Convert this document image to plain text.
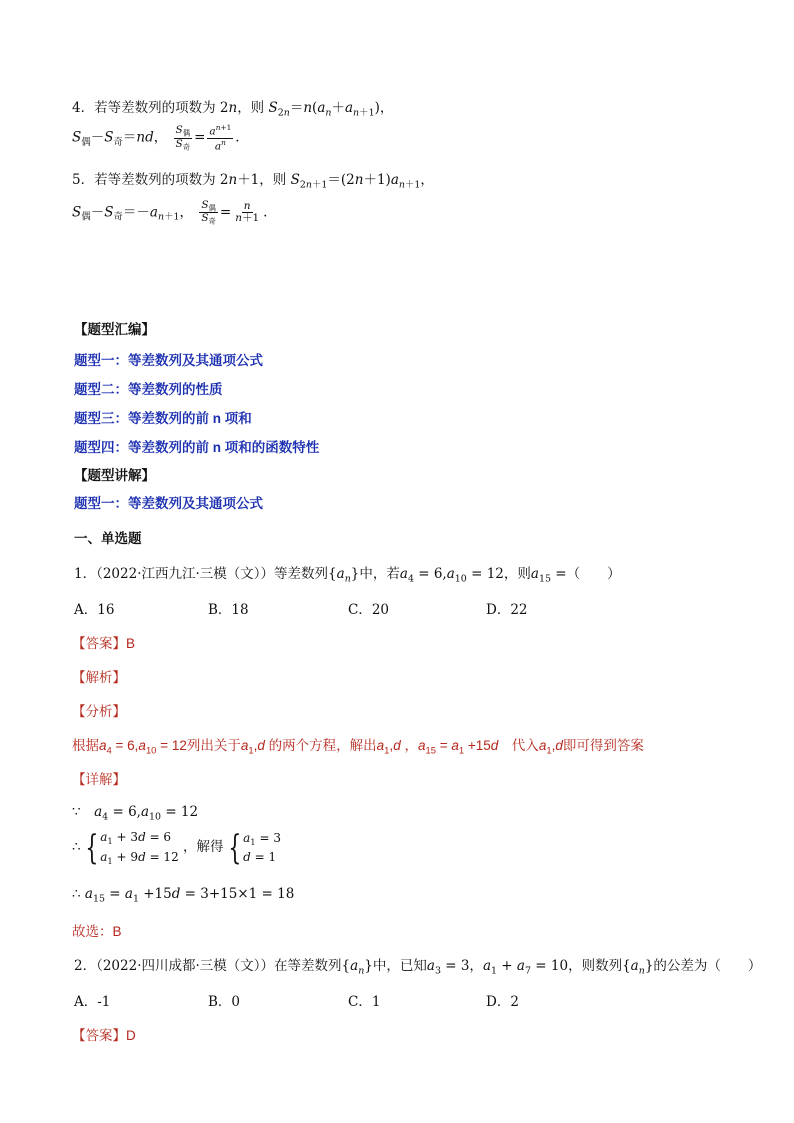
4．若等差数列的项数为 2n，则 $S_{2n}=n(a_n+a_{n+1})$，
$S_偶-S_奇=nd$， $\frac{S_偶}{S_奇} = \frac{a^{n+1}}{a^n}$ .
5．若等差数列的项数为 2n＋1，则 $S_{2n+1}=(2n+1)a_{n+1}$，
$S_偶-S_奇=-a_{n+1}$， $\frac{S_偶}{S_奇} = \frac{n}{n+1}$ .
【题型汇编】
题型一：等差数列及其通项公式
题型二：等差数列的性质
题型三：等差数列的前 n 项和
题型四：等差数列的前 n 项和的函数特性
【题型讲解】
题型一：等差数列及其通项公式
一、单选题
1．（2022·江西九江·三模（文））等差数列$\{a_n\}$中，若$a_4 = 6,a_{10} = 12$，则$a_{15}$ =（　　）
A．16	B．18	C．20	D．22
【答案】B
【解析】
【分析】
根据$a_4 = 6,a_{10} = 12$列出关于$a_1,d$ 的两个方程，解出$a_1,d$ ，$a_{15} = a_1 +15d$　代入$a_1,d$即可得到答案
【详解】
∵　$a_4 = 6,a_{10} = 12$
∴ { $a_1 + 3d = 6$
$a_1 + 9d = 12$
，解得 { $a_1 = 3$
d = 1
∴ $a_{15} = a_1 +15d = 3+15\times 1 = 18$
故选：B
2．（2022·四川成都·三模（文））在等差数列$\{a_n\}$中，已知$a_3 = 3$，$a_1 + a_7 = 10$，则数列$\{a_n\}$的公差为（　　）
A．-1	B．0	C．1	D．2
【答案】D
